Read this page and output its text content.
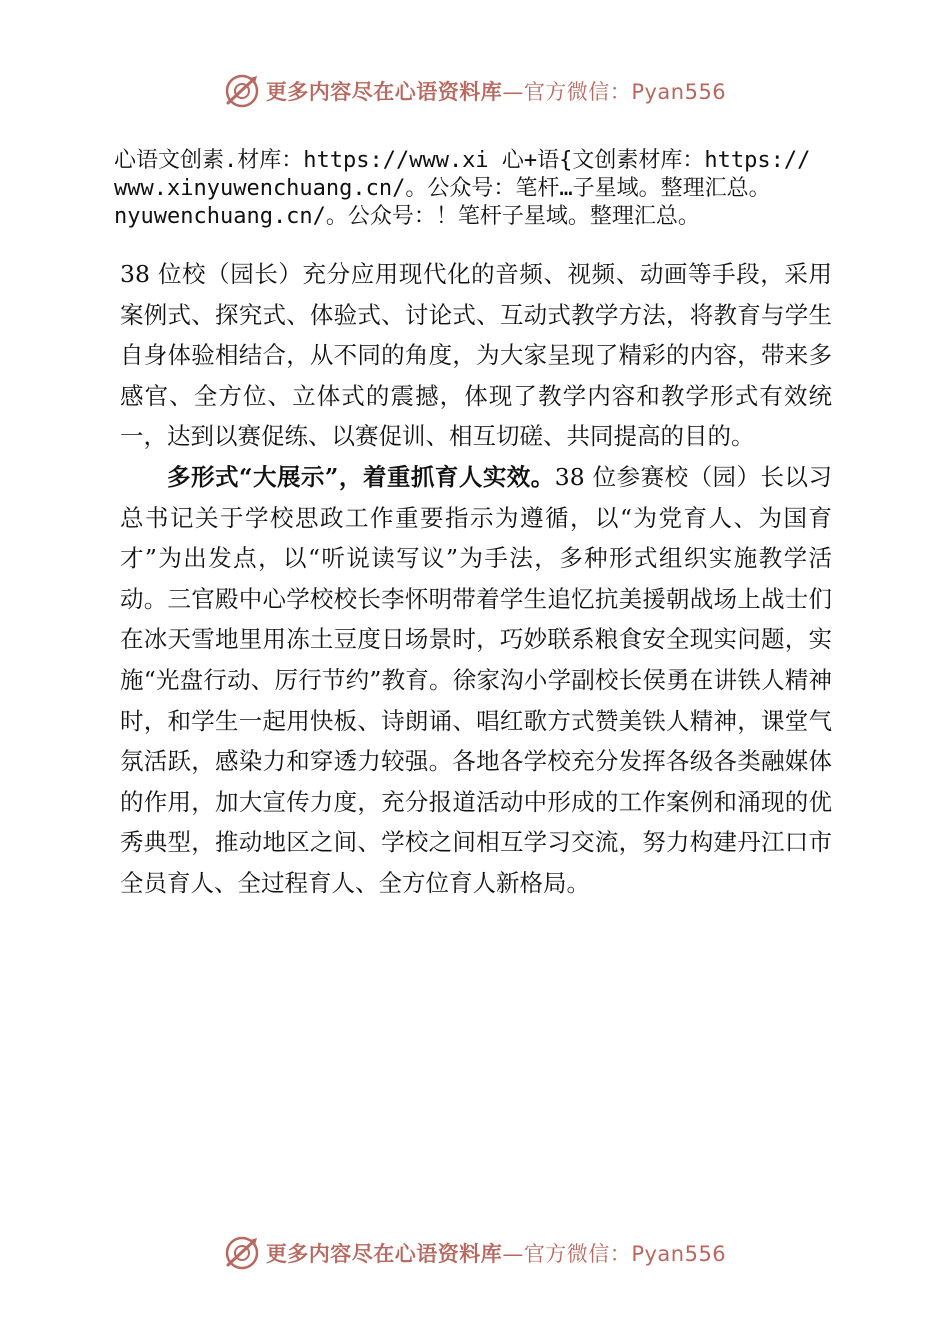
更多内容尽在心语资料库—官方微信：Pyan556
心语文创素.材库：https://www.xi 心+语{文创素材库：https://
www.xinyuwenchuang.cn/。公众号：笔杆…子星域。整理汇总。
nyuwenchuang.cn/。公众号：！笔杆子星域。整理汇总。

38 位校（园长）充分应用现代化的音频、视频、动画等手段，采用案例式、探究式、体验式、讨论式、互动式教学方法，将教育与学生自身体验相结合，从不同的角度，为大家呈现了精彩的内容，带来多感官、全方位、立体式的震撼，体现了教学内容和教学形式有效统一，达到以赛促练、以赛促训、相互切磋、共同提高的目的。

多形式“大展示”，着重抓育人实效。38 位参赛校（园）长以习总书记关于学校思政工作重要指示为遵循，以“为党育人、为国育才”为出发点，以“听说读写议”为手法，多种形式组织实施教学活动。三官殿中心学校校长李怀明带着学生追忆抗美援朝战场上战士们在冰天雪地里用冻土豆度日场景时，巧妙联系粮食安全现实问题，实施“光盘行动、厉行节约”教育。徐家沟小学副校长侯勇在讲铁人精神时，和学生一起用快板、诗朗诵、唱红歌方式赞美铁人精神，课堂气氛活跃，感染力和穿透力较强。各地各学校充分发挥各级各类融媒体的作用，加大宣传力度，充分报道活动中形成的工作案例和涌现的优秀典型，推动地区之间、学校之间相互学习交流，努力构建丹江口市全员育人、全过程育人、全方位育人新格局。

更多内容尽在心语资料库—官方微信：Pyan556
